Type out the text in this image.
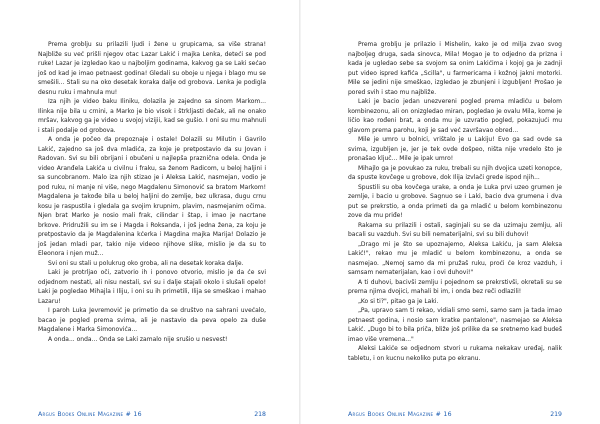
Prema groblju su prilazili ljudi i žene u grupicama, sa više strana! Najbliže su već prišli njegov otac Lazar Lakić i majka Lenka, deteći se pod ruke! Lazar je izgledao kao u najboljim godinama, kakvog ga se Laki sećao još od kad je imao petnaest godina! Gledali su oboje u njega i blago mu se smešili... Stali su na oko desetak koraka dalje od grobova. Lenka je podigla desnu ruku i mahnula mu!

Iza njih je video baku Iliniku, dolazila je zajedno sa sinom Markom... Ilinka nije bila u crnini, a Marko je bio visok i štrkljasti dečak, ali ne onako mršav, kakvog ga je video u svojoj vizijii, kad se gušio. I oni su mu mahnuli i stali podalje od grobova.

A onda je počeo da prepoznaje i ostale! Dolazili su Milutin i Gavrilo Lakić, zajedno sa još dva mladića, za koje je pretpostavio da su Jovan i Radovan. Svi su bili obrijani i obučeni u najlepša praznična odela. Onda je video Aranđela Lakića u civilnu i fraku, sa ženom Radicom, u beloj haljini i sa suncobranom. Malo iza njih stizao je i Aleksa Lakić, nasmejan, vodio je pod ruku, ni manje ni više, nego Magdalenu Simonović sa bratom Markom! Magdalena je takođe bila u beloj haljini do zemlje, bez ulkrasa, dugu crnu kosu je raspustila i gledala ga svojim krupnim, plavim, nasmejanim očima. Njen brat Marko je nosio mali frak, cilindar i štap, i imao je nacrtane brkove. Pridružili su im se i Magda i Roksanda, i još jedna žena, za koju je pretpostavio da je Magdalenina kćerka i Magdina majka Marija! Dolazio je još jedan mladi par, takio nije videoo njihove slike, mislio je da su to Eleonora i njen muž...

Svi oni su stali u polukrug oko groba, ali na desetak koraka dalje.

Laki je protrljao oči, zatvorio ih i ponovo otvorio, mislio je da će svi odjednom nestati, ali nisu nestali, svi su i dalje stajali okolo i slušali opelo! Laki je pogledao Mihajla i Iliju, i oni su ih primetili, Ilija se smeškao i mahao Lazaru!

I paroh Luka Jevremović je primetio da se društvo na sahrani uvećalo, bacao je pogled prema svima, ali je nastavio da peva opelo za duše Magdalene i Marka Simonovića...

A onda... onda... Onda se Laki zamalo nije srušio u nesvest!

Argus Books Online Magazine # 16	218

Prema groblju je prilazio i Mishelin, kako je od milja zvao svog najboljeg druga, sada sinovca, Mila! Mogao je to odjedno da prizna i kada je ugledao sebe sa svojom sa onim Lakićima i kojoj ga je zadnji put video ispred kafića „Scilla", u farmericama i kožnoj jakni motorki. Mile se jedini nije smeškao, izgledao je zbunjeni i izgubljen! Prošao je pored svih i stao mu najbliže.

Laki je bacio jedan unezvereni pogled prema mladiću u belom kombinezonu, ali on onizgledao miran, pogledao je ovalu Mila, kome je ličio kao rođeni brat, a onda mu je uzvratio pogled, pokazujući mu glavom prema parohu, koji je sad već završavao obred...

Mile je umro u bolnici, vrištalo je u Lakiju! Evo ga sad ovde sa svima, izgubljen je, jer je tek ovde došpeo, ništa nije vredelo što je pronašao ključ... Mile je ipak umro!

Mihajlo ga je povukao za ruku, trebali su njih dvojica uzeti konopce, da spuste kovčege u grobove, dok Ilija izvlači grede ispod njih...

Spustili su oba kovčega urake, a onda je Luka prvi uzeo grumen je zemlje, i bacio u grobove. Sagnuo se i Laki, bacio dva grumena i dva put se prekrstio, a onda primeti da ga mladić u belom kombinezonu zove da mu priđe!

Rakama su prilazili i ostali, saginjali su se da uzimaju zemlju, ali bacali su vazduh. Svi su bili nematerijalni, svi su bili duhovi!

„Drago mi je što se upoznajemo, Aleksa Lakiću, ja sam Aleksa Lakić!", rekao mu je mladić u belom kombinezonu, a onda se nasmejao. „Nemoj samo da mi pružaš ruku, proći će kroz vazduh, i samsam nematerijalan, kao i ovi duhovi!"

A ti duhovi, bacivši zemlju i pojednom se prekrstivši, okretali su se prema njima dvojici, mahali bi im, i onda bez reči odlazili!

„Ko si ti?", pitao ga je Laki.

„Pa, upravo sam ti rekao, vidiali smo semi, samo sam ja tada imao petnaest godina, i nosio sam kratke pantalone", nasmejao se Aleksa Lakić. „Dugo bi to bila priča, bliže još prilike da se sretnemo kad budeš imao više vremena..."

Aleksi Lakiće se odjednom stvori u rukama nekakav uređaj, nalik tabletu, i on kucnu nekoliko puta po ekranu.

Argus Books Online Magazine # 16	219
